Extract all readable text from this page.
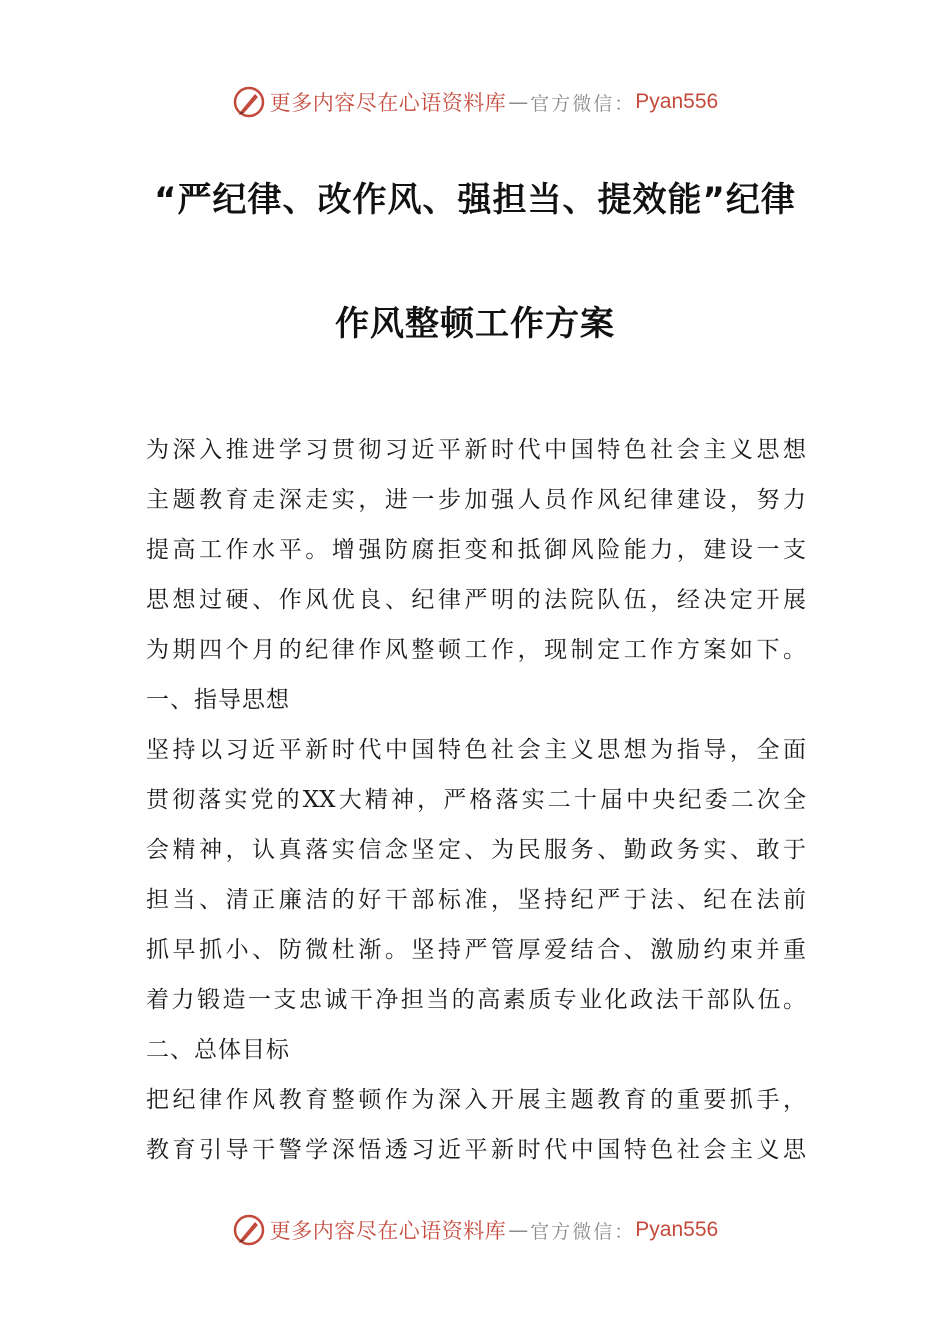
更多内容尽在心语资料库 — 官方微信： Pyan556
“严纪律、改作风、强担当、提效能”纪律
作风整顿工作方案
为深入推进学习贯彻习近平新时代中国特色社会主义思想
主题教育走深走实，进一步加强人员作风纪律建设，努力
提高工作水平。增强防腐拒变和抵御风险能力，建设一支
思想过硬、作风优良、纪律严明的法院队伍，经决定开展
为期四个月的纪律作风整顿工作，现制定工作方案如下。
一、指导思想
坚持以习近平新时代中国特色社会主义思想为指导，全面
贯彻落实党的XX大精神，严格落实二十届中央纪委二次全
会精神，认真落实信念坚定、为民服务、勤政务实、敢于
担当、清正廉洁的好干部标准，坚持纪严于法、纪在法前
抓早抓小、防微杜渐。坚持严管厚爱结合、激励约束并重
着力锻造一支忠诚干净担当的高素质专业化政法干部队伍。
二、总体目标
把纪律作风教育整顿作为深入开展主题教育的重要抓手，
教育引导干警学深悟透习近平新时代中国特色社会主义思
更多内容尽在心语资料库 — 官方微信： Pyan556
